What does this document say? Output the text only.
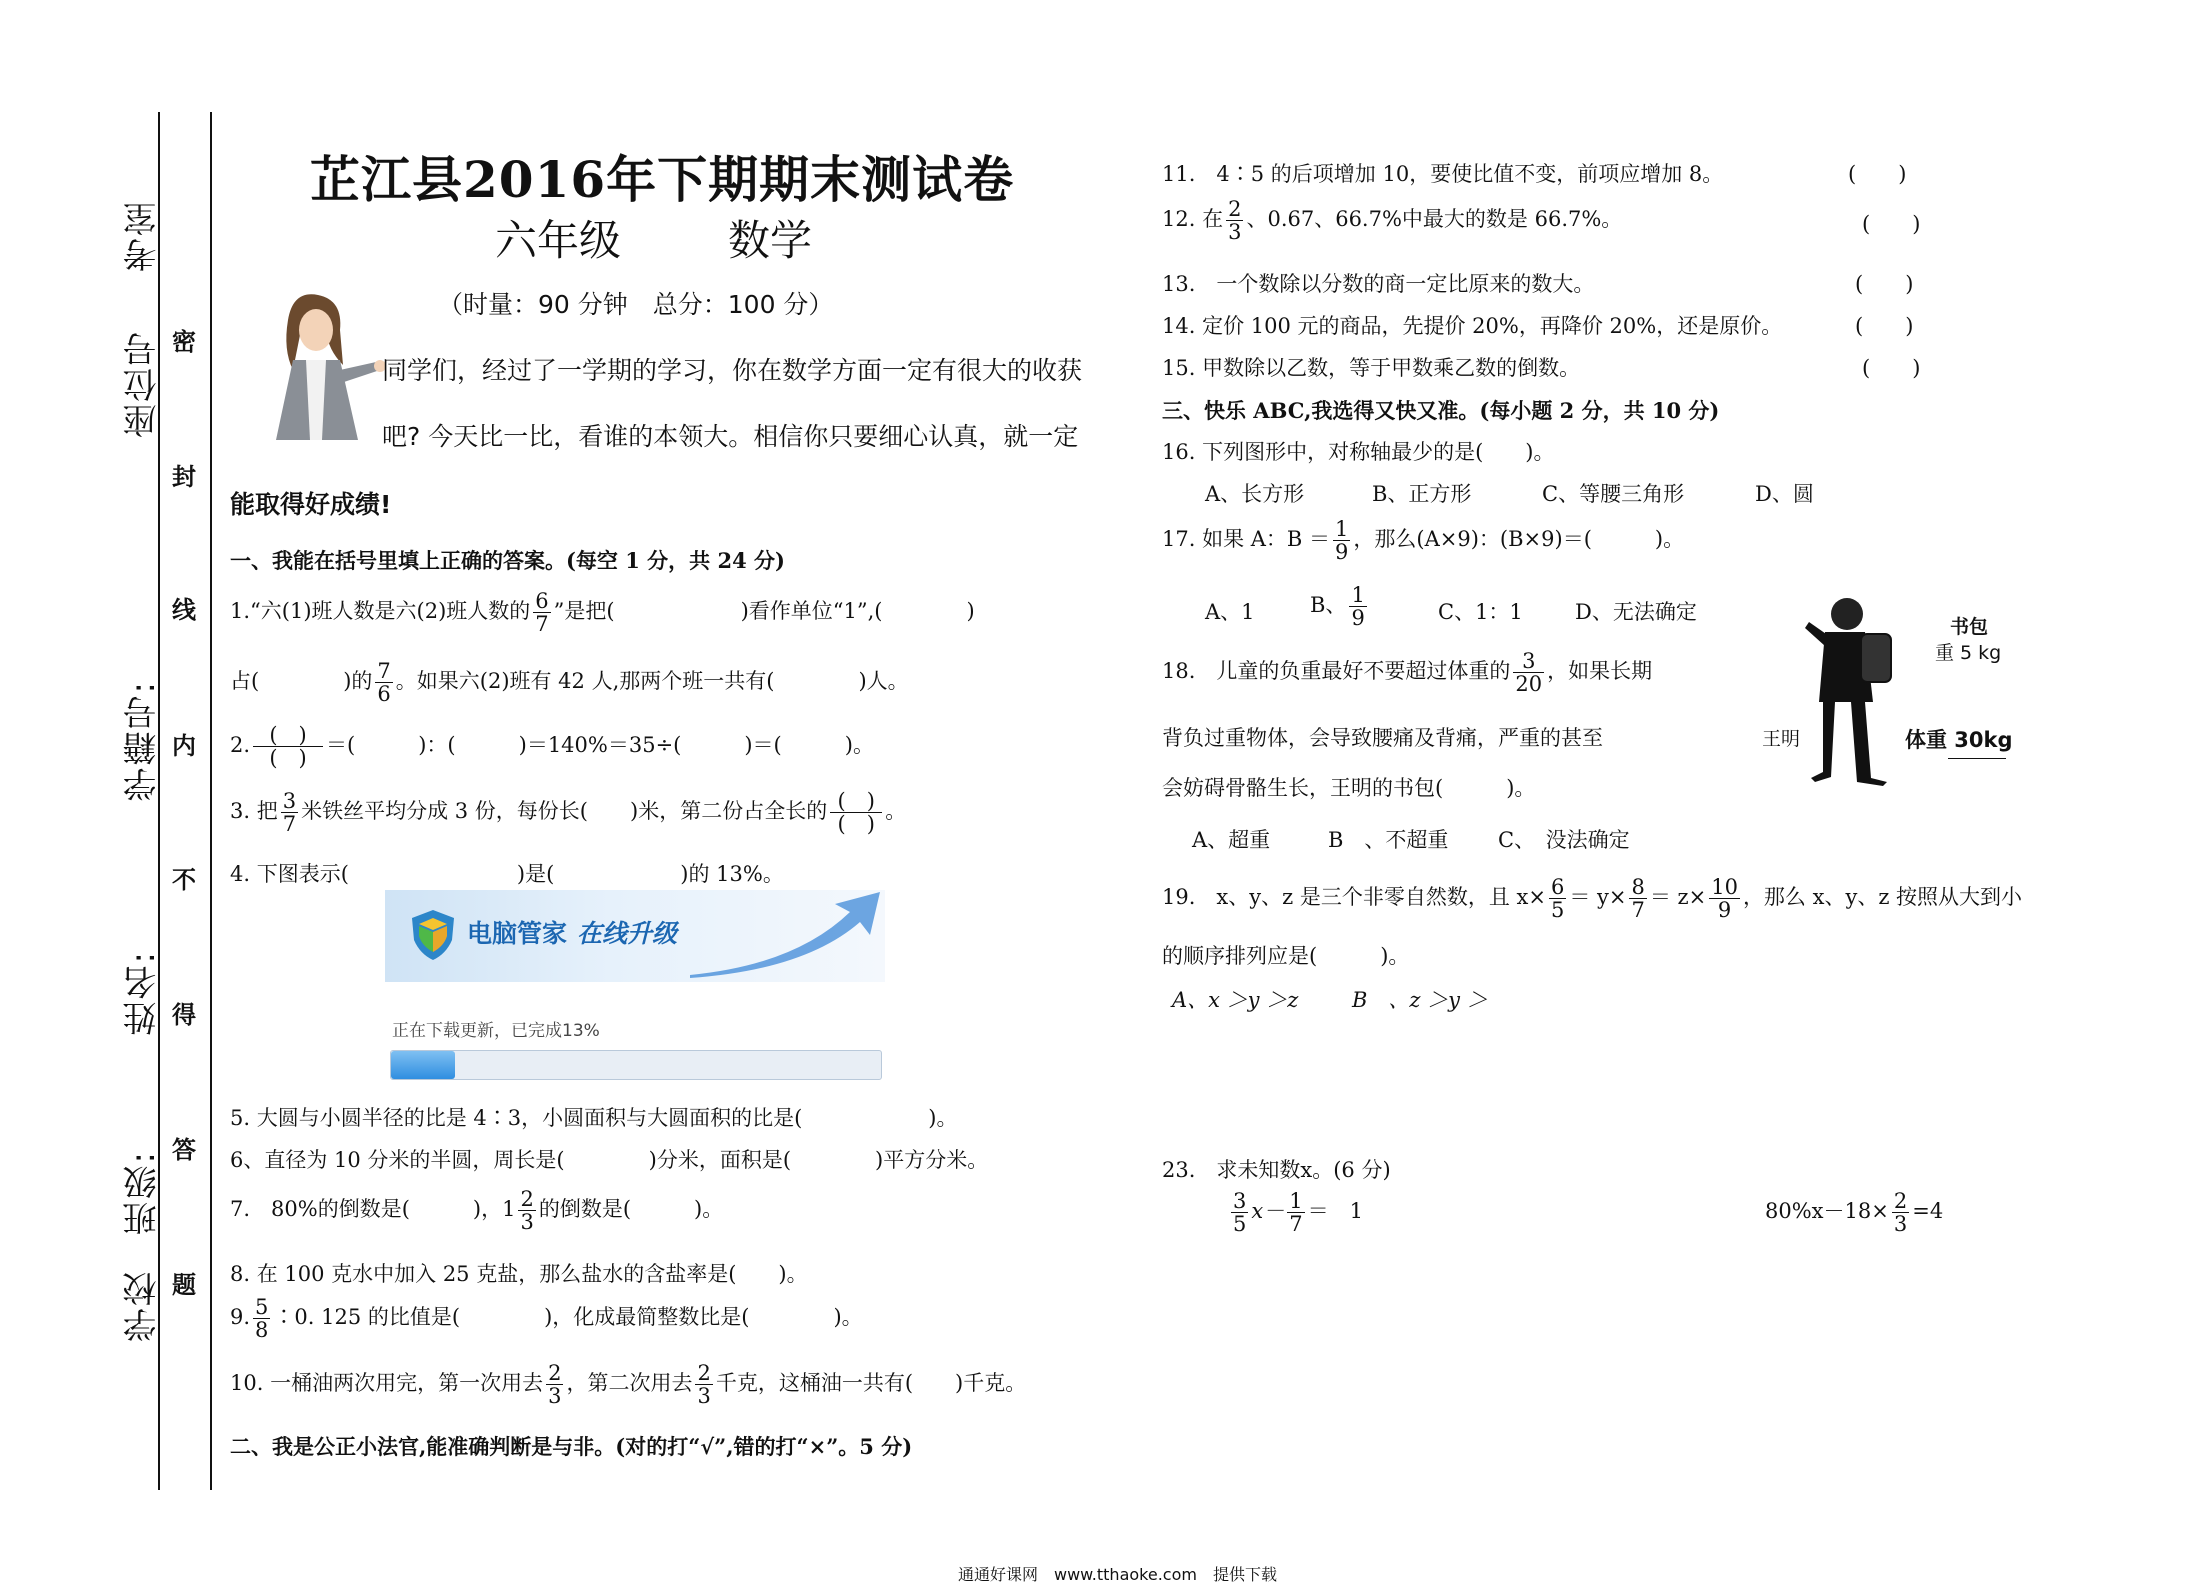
考室
座位号
学籍号:
姓名:
班级:
学校
密
封
线
内
不
得
答
题
芷江县2016年下期期末测试卷
六年级	数学
（时量：90 分钟　总分：100 分）
同学们，经过了一学期的学习，你在数学方面一定有很大的收获
吧? 今天比一比，看谁的本领大。相信你只要细心认真，就一定
能取得好成绩!
一、我能在括号里填上正确的答案。(每空 1 分，共 24 分)
1.“六(1)班人数是六(2)班人数的 $\frac{6}{7}$ ”是把(　　　　　　)看作单位“1”,(　　　　)
占(　　　　)的 $\frac{7}{6}$ 。如果六(2)班有 42 人,那两个班一共有(　　　　)人。
2. $\frac{( )}{( )}$ ＝(　　　)：(　　　)＝140%＝35÷(　　　)＝(　　　)。
3. 把 $\frac{3}{7}$ 米铁丝平均分成 3 份，每份长(　　)米，第二份占全长的 $\frac{( )}{( )}$ 。
4. 下图表示(　　　　　　　　)是(　　　　　　)的 13%。
电脑管家 在线升级
正在下载更新，已完成13%
5. 大圆与小圆半径的比是 4∶3，小圆面积与大圆面积的比是(　　　　　　)。
6、直径为 10 分米的半圆，周长是(　　　　)分米，面积是(　　　　)平方分米。
7.　80%的倒数是(　　　)，$1 \frac{2}{3}$ 的倒数是(　　　)。
8. 在 100 克水中加入 25 克盐，那么盐水的含盐率是(　　)。
9. $\frac{5}{8}$ ∶0. 125 的比值是(　　　　)，化成最简整数比是(　　　　)。
10. 一桶油两次用完，第一次用去 $\frac{2}{3}$ ，第二次用去 $\frac{2}{3}$ 千克，这桶油一共有(　　)千克。
二、我是公正小法官,能准确判断是与非。(对的打“√”,错的打“×”。5 分)
11.　4∶5 的后项增加 10，要使比值不变，前项应增加 8。	(　　)
12. 在 $\frac{2}{3}$ 、0.67、66.7%中最大的数是 66.7%。	(　　)
13.　一个数除以分数的商一定比原来的数大。	(　　)
14. 定价 100 元的商品，先提价 20%，再降价 20%，还是原价。	(　　)
15. 甲数除以乙数，等于甲数乘乙数的倒数。	(　　)
三、快乐 ABC,我选得又快又准。(每小题 2 分，共 10 分)
16. 下列图形中，对称轴最少的是(　　)。
A、长方形	B、正方形	C、等腰三角形	D、圆
17. 如果 A：$B = \frac{1}{9}$ ，那么(A×9)：(B×9)＝(　　　)。
A、1	B、 $\frac{1}{9}$	C、1：1 D、无法确定
18.　儿童的负重最好不要超过体重的 $\frac{3}{20}$ ，如果长期
背负过重物体，会导致腰痛及背痛，严重的甚至
会妨碍骨骼生长，王明的书包(　　　)。
A、超重	B　、不超重 C、　没法确定
书包
重 5 kg
王明	体重 30kg
19.　x、y、z 是三个非零自然数，且 $x\times \frac{6}{5} = y\times \frac{8}{7} = z\times \frac{10}{9}$ ，那么 x、y、z 按照从大到小
的顺序排列应是(　　　)。
A、x ＞y ＞z	B　、z ＞y ＞
23.　求未知数x。(6 分)
$\frac{3}{5} x- \frac{1}{7}$ ＝　1	$80\%x-18\times \frac{2}{3} =4$
通通好课网　www.tthaoke.com　提供下载
